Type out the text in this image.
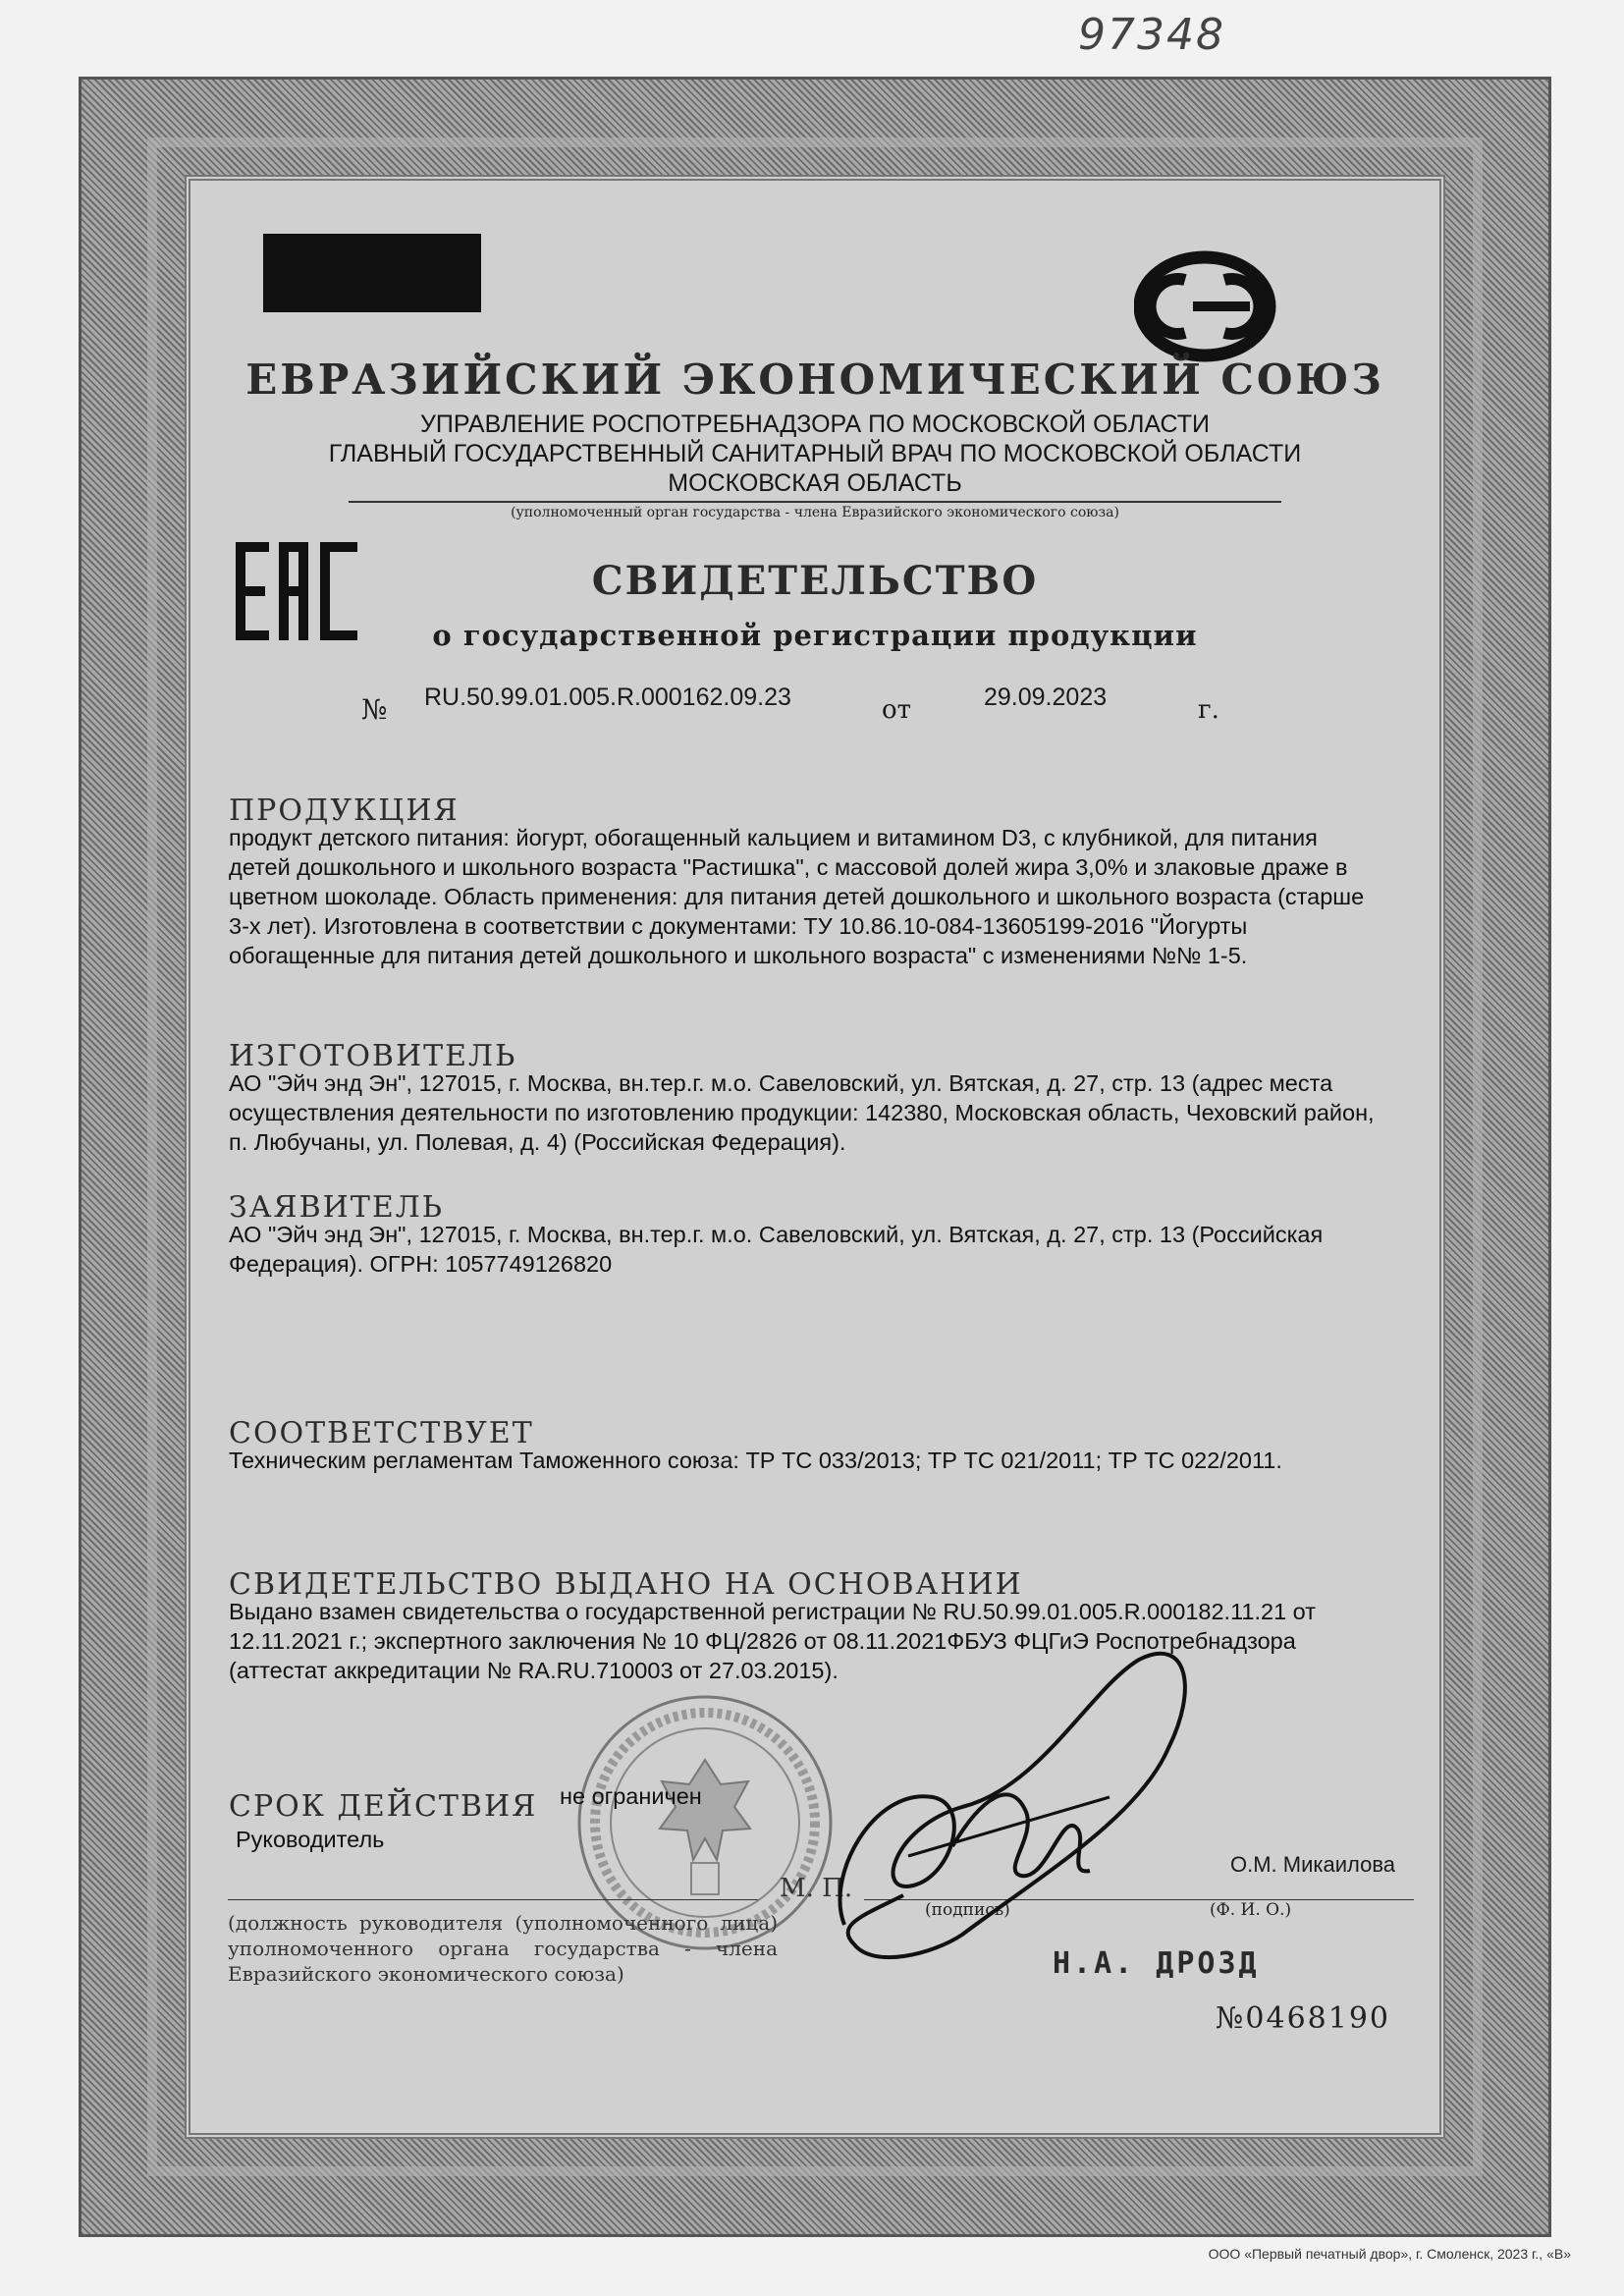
97348
ЕВРАЗИЙСКИЙ ЭКОНОМИЧЕСКИЙ СОЮЗ
УПРАВЛЕНИЕ РОСПОТРЕБНАДЗОРА ПО МОСКОВСКОЙ ОБЛАСТИ
ГЛАВНЫЙ ГОСУДАРСТВЕННЫЙ САНИТАРНЫЙ ВРАЧ ПО МОСКОВСКОЙ ОБЛАСТИ
МОСКОВСКАЯ ОБЛАСТЬ
(уполномоченный орган государства - члена Евразийского экономического союза)
СВИДЕТЕЛЬСТВО
о государственной регистрации продукции
№ RU.50.99.01.005.R.000162.09.23	от	29.09.2023	г.
ПРОДУКЦИЯ
продукт детского питания: йогурт, обогащенный кальцием и витамином D3, с клубникой, для питания
детей дошкольного и школьного возраста "Растишка", с массовой долей жира 3,0% и злаковые драже в
цветном шоколаде. Область применения: для питания детей дошкольного и школьного возраста (старше
3-х лет). Изготовлена в соответствии с документами: ТУ 10.86.10-084-13605199-2016 "Йогурты
обогащенные для питания детей дошкольного и школьного возраста" с изменениями №№ 1-5.
ИЗГОТОВИТЕЛЬ
АО "Эйч энд Эн", 127015, г. Москва, вн.тер.г. м.о. Савеловский, ул. Вятская, д. 27, стр. 13 (адрес места
осуществления деятельности по изготовлению продукции: 142380, Московская область, Чеховский район,
п. Любучаны, ул. Полевая, д. 4) (Российская Федерация).
ЗАЯВИТЕЛЬ
АО "Эйч энд Эн", 127015, г. Москва, вн.тер.г. м.о. Савеловский, ул. Вятская, д. 27, стр. 13 (Российская
Федерация). ОГРН: 1057749126820
СООТВЕТСТВУЕТ
Техническим регламентам Таможенного союза: ТР ТС 033/2013; ТР ТС 021/2011; ТР ТС 022/2011.
СВИДЕТЕЛЬСТВО ВЫДАНО НА ОСНОВАНИИ
Выдано взамен свидетельства о государственной регистрации № RU.50.99.01.005.R.000182.11.21 от
12.11.2021 г.; экспертного заключения № 10 ФЦ/2826 от 08.11.2021ФБУЗ ФЦГиЭ Роспотребнадзора
(аттестат аккредитации № RA.RU.710003 от 27.03.2015).
СРОК ДЕЙСТВИЯ не ограничен
Руководитель
М. П.
(подпись)	(Ф. И. О.)
О.М. Микаилова
(должность руководителя (уполномоченного лица) уполномоченного органа государства - члена Евразийского экономического союза)	Н.А. ДРОЗД
№0468190
ООО «Первый печатный двор», г. Смоленск, 2023 г., «В»
